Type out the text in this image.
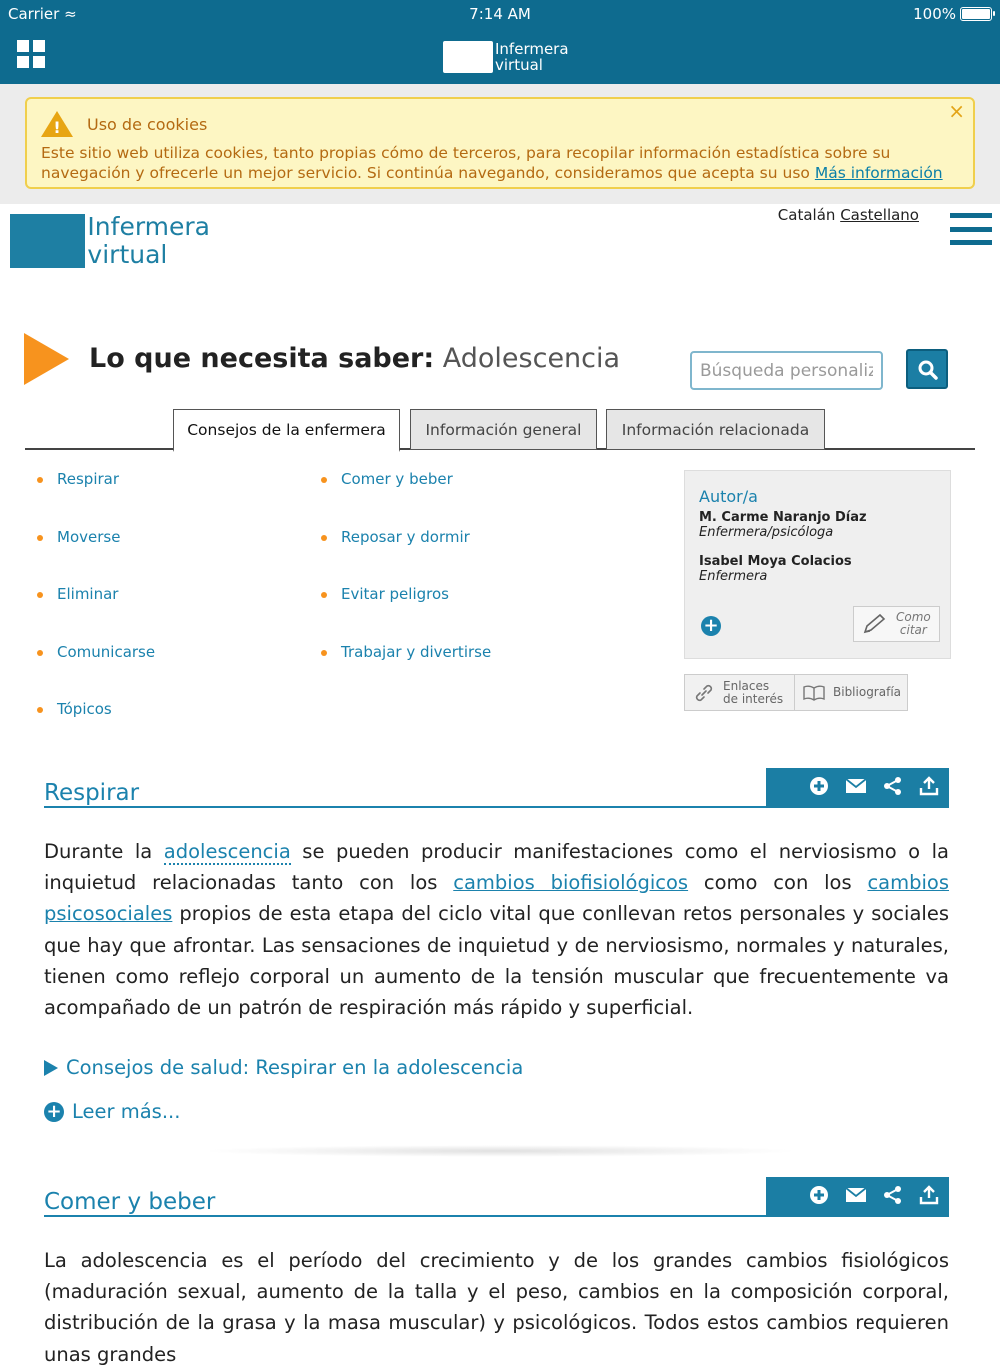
Carrier ≈	7:14 AM	100%
Infermera
virtual
!
Uso de cookies
Este sitio web utiliza cookies, tanto propias cómo de terceros, para recopilar información estadística sobre su navegación y ofrecerle un mejor servicio. Si continúa navegando, consideramos que acepta su uso Más información
×
Infermera
virtual
Catalán Castellano
Lo que necesita saber: Adolescencia
Búsqueda personalizada
Consejos de la enfermera	Información general	Información relacionada
Respirar
Moverse
Eliminar
Comunicarse
Tópicos
Comer y beber
Reposar y dormir
Evitar peligros
Trabajar y divertirse
Autor/a
M. Carme Naranjo Díaz
Enfermera/psicóloga
Isabel Moya Colacios
Enfermera
+	Como
citar
Enlaces
de interés	Bibliografía
Respirar
Durante la adolescencia se pueden producir manifestaciones como el nerviosismo o la inquietud relacionadas tanto con los cambios biofisiológicos como con los cambios psicosociales propios de esta etapa del ciclo vital que conllevan retos personales y sociales que hay que afrontar. Las sensaciones de inquietud y de nerviosismo, normales y naturales, tienen como reflejo corporal un aumento de la tensión muscular que frecuentemente va acompañado de un patrón de respiración más rápido y superficial.
Consejos de salud: Respirar en la adolescencia
+ Leer más...
Comer y beber
La adolescencia es el período del crecimiento y de los grandes cambios fisiológicos (maduración sexual, aumento de la talla y el peso, cambios en la composición corporal, distribución de la grasa y la masa muscular) y psicológicos. Todos estos cambios requieren unas grandes
